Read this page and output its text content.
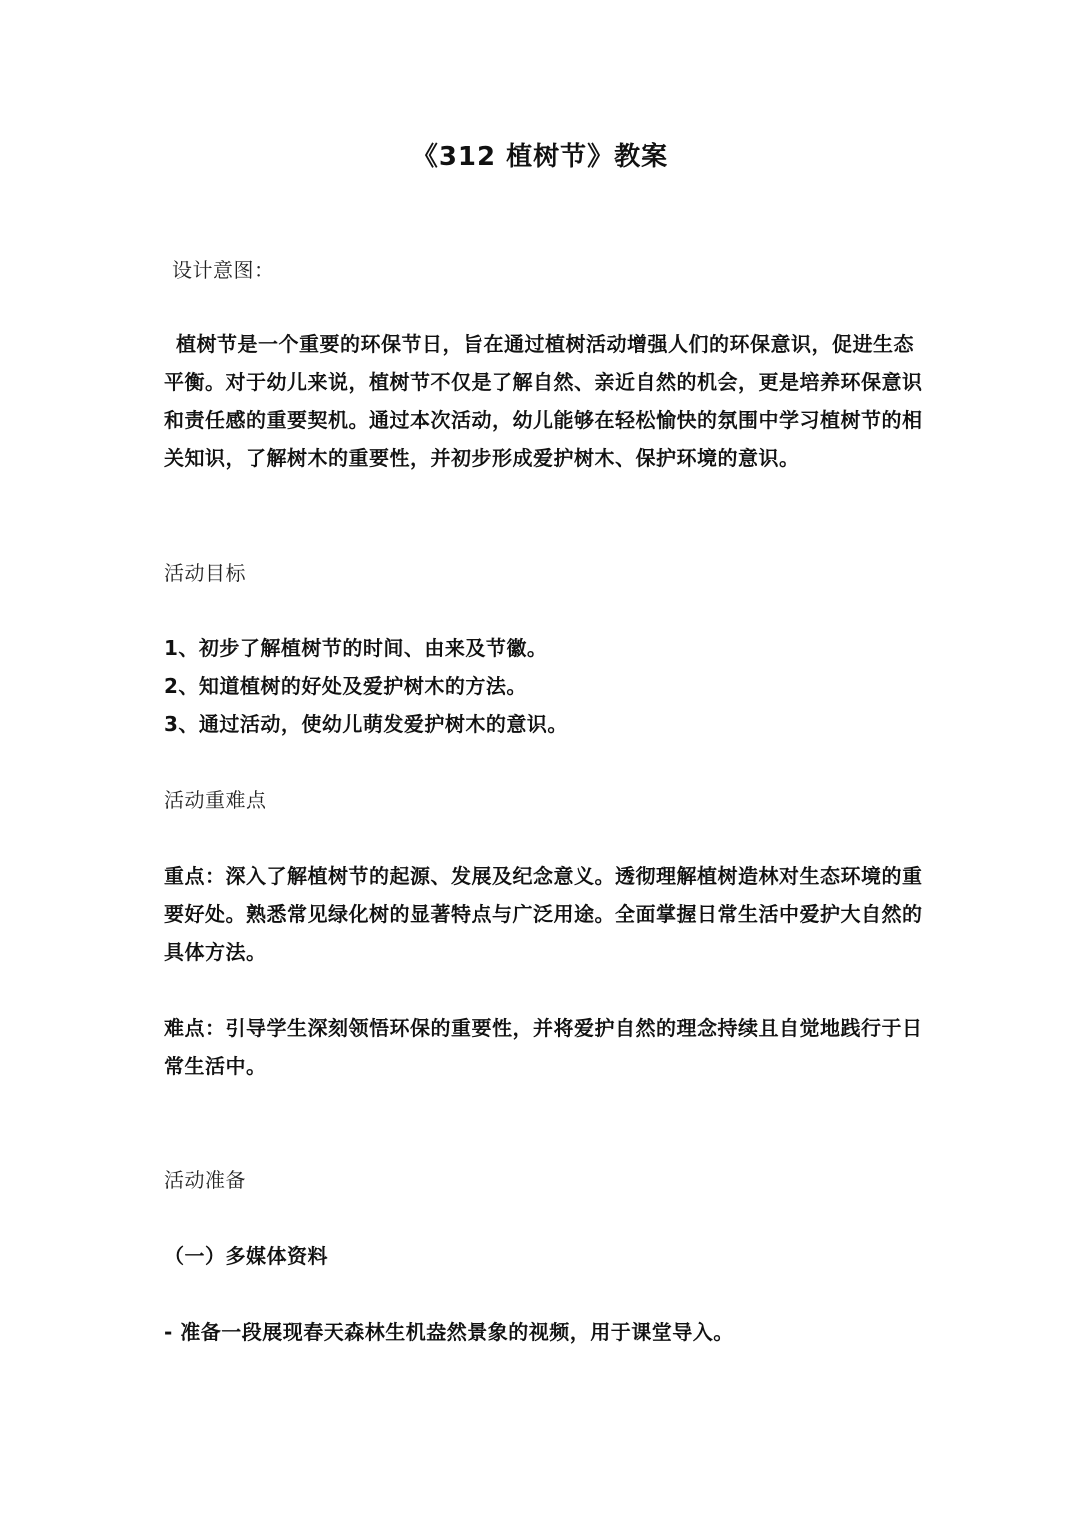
《312 植树节》教案

设计意图：

植树节是一个重要的环保节日，旨在通过植树活动增强人们的环保意识，促进生态平衡。对于幼儿来说，植树节不仅是了解自然、亲近自然的机会，更是培养环保意识和责任感的重要契机。通过本次活动，幼儿能够在轻松愉快的氛围中学习植树节的相关知识，了解树木的重要性，并初步形成爱护树木、保护环境的意识。

活动目标

1、初步了解植树节的时间、由来及节徽。

2、知道植树的好处及爱护树木的方法。

3、通过活动，使幼儿萌发爱护树木的意识。

活动重难点

重点：深入了解植树节的起源、发展及纪念意义。透彻理解植树造林对生态环境的重要好处。熟悉常见绿化树的显著特点与广泛用途。全面掌握日常生活中爱护大自然的具体方法。

难点：引导学生深刻领悟环保的重要性，并将爱护自然的理念持续且自觉地践行于日常生活中。

活动准备

（一）多媒体资料

- 准备一段展现春天森林生机盎然景象的视频，用于课堂导入。
